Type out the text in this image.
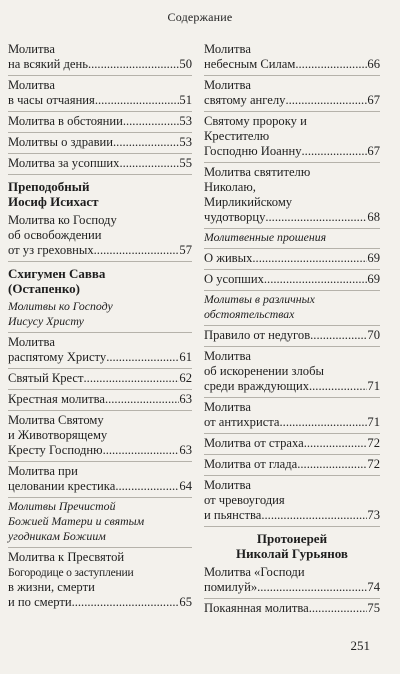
Содержание
Молитва
на всякий день .....	50
Молитва
в часы отчаяния .....	51
Молитва в обстоянии .....	53
Молитвы о здравии .....	53
Молитва за усопших .....	55
Преподобный
Иосиф Исихаст
Молитва ко Господу
об освобождении
от уз греховных .....	57
Схигумен Савва
(Остапенко)
Молитвы ко Господу
Иисусу Христу
Молитва
распятому Христу .....	61
Святый Крест .....	62
Крестная молитва .....	63
Молитва Святому
и Животворящему
Кресту Господню .....	63
Молитва при
целовании крестика .....	64
Молитвы Пречистой
Божией Матери и святым
угодникам Божиим
Молитва к Пресвятой
Богородице о заступлении
в жизни, смерти
и по смерти .....	65
Молитва
небесным Силам .....	66
Молитва
святому ангелу .....	67
Святому пророку и
Крестителю
Господню Иоанну .....	67
Молитва святителю
Николаю,
Мирликийскому
чудотворцу .....	68
Молитвенные прошения
О живых .....	69
О усопших .....	69
Молитвы в различных
обстоятельствах
Правило от недугов .....	70
Молитва
об искоренении злобы
среди враждующих .....	71
Молитва
от антихриста .....	71
Молитва от страха .....	72
Молитва от глада .....	72
Молитва
от чревоугодия
и пьянства .....	73
Протоиерей
Николай Гурьянов
Молитва «Господи
помилуй» .....	74
Покаянная молитва .....	75
251
